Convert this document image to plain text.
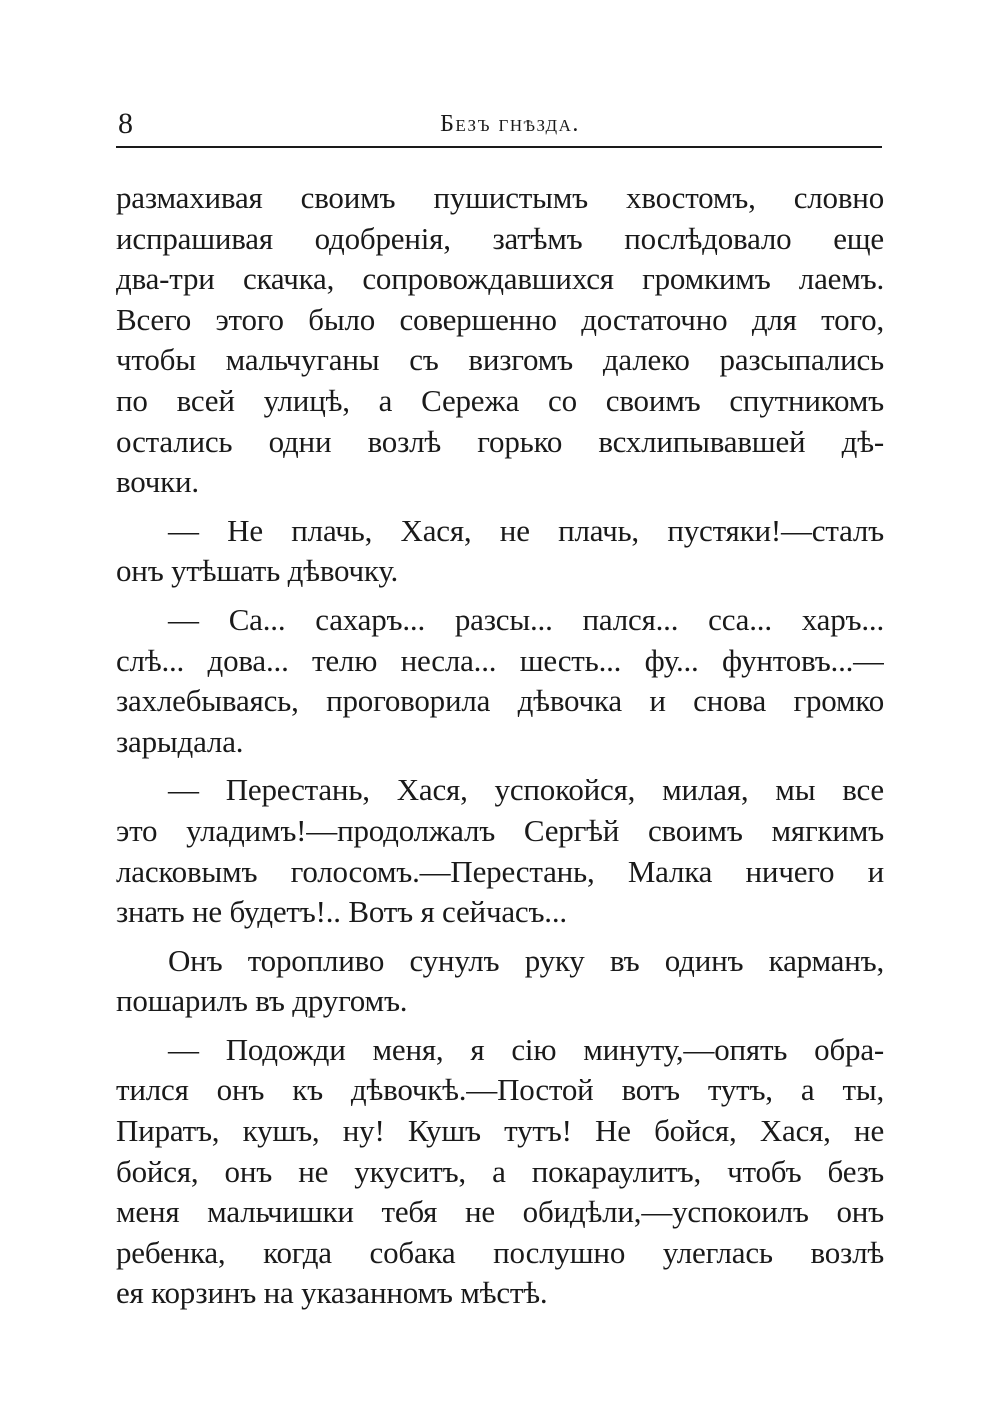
8	Безъ гнѣзда.
размахивая своимъ пушистымъ хвостомъ, словно
испрашивая одобренія, затѣмъ послѣдовало еще
два-три скачка, сопровождавшихся громкимъ лаемъ.
Всего этого было совершенно достаточно для того,
чтобы мальчуганы съ визгомъ далеко разсыпались
по всей улицѣ, а Сережа со своимъ спутникомъ
остались одни возлѣ горько всхлипывавшей дѣ-
вочки.
— Не плачь, Хася, не плачь, пустяки!—сталъ
онъ утѣшать дѣвочку.
— Са... сахаръ... разсы... пался... сса... харъ...
слѣ... дова... телю несла... шесть... фу... фунтовъ...—
захлебываясь, проговорила дѣвочка и снова громко
зарыдала.
— Перестань, Хася, успокойся, милая, мы все
это уладимъ!—продолжалъ Сергѣй своимъ мягкимъ
ласковымъ голосомъ.—Перестань, Малка ничего и
знать не будетъ!.. Вотъ я сейчасъ...
Онъ торопливо сунулъ руку въ одинъ карманъ,
пошарилъ въ другомъ.
— Подожди меня, я сію минуту,—опять обра-
тился онъ къ дѣвочкѣ.—Постой вотъ тутъ, а ты,
Пиратъ, кушъ, ну! Кушъ тутъ! Не бойся, Хася, не
бойся, онъ не укуситъ, а покараулитъ, чтобъ безъ
меня мальчишки тебя не обидѣли,—успокоилъ онъ
ребенка, когда собака послушно улеглась возлѣ
ея корзинъ на указанномъ мѣстѣ.
